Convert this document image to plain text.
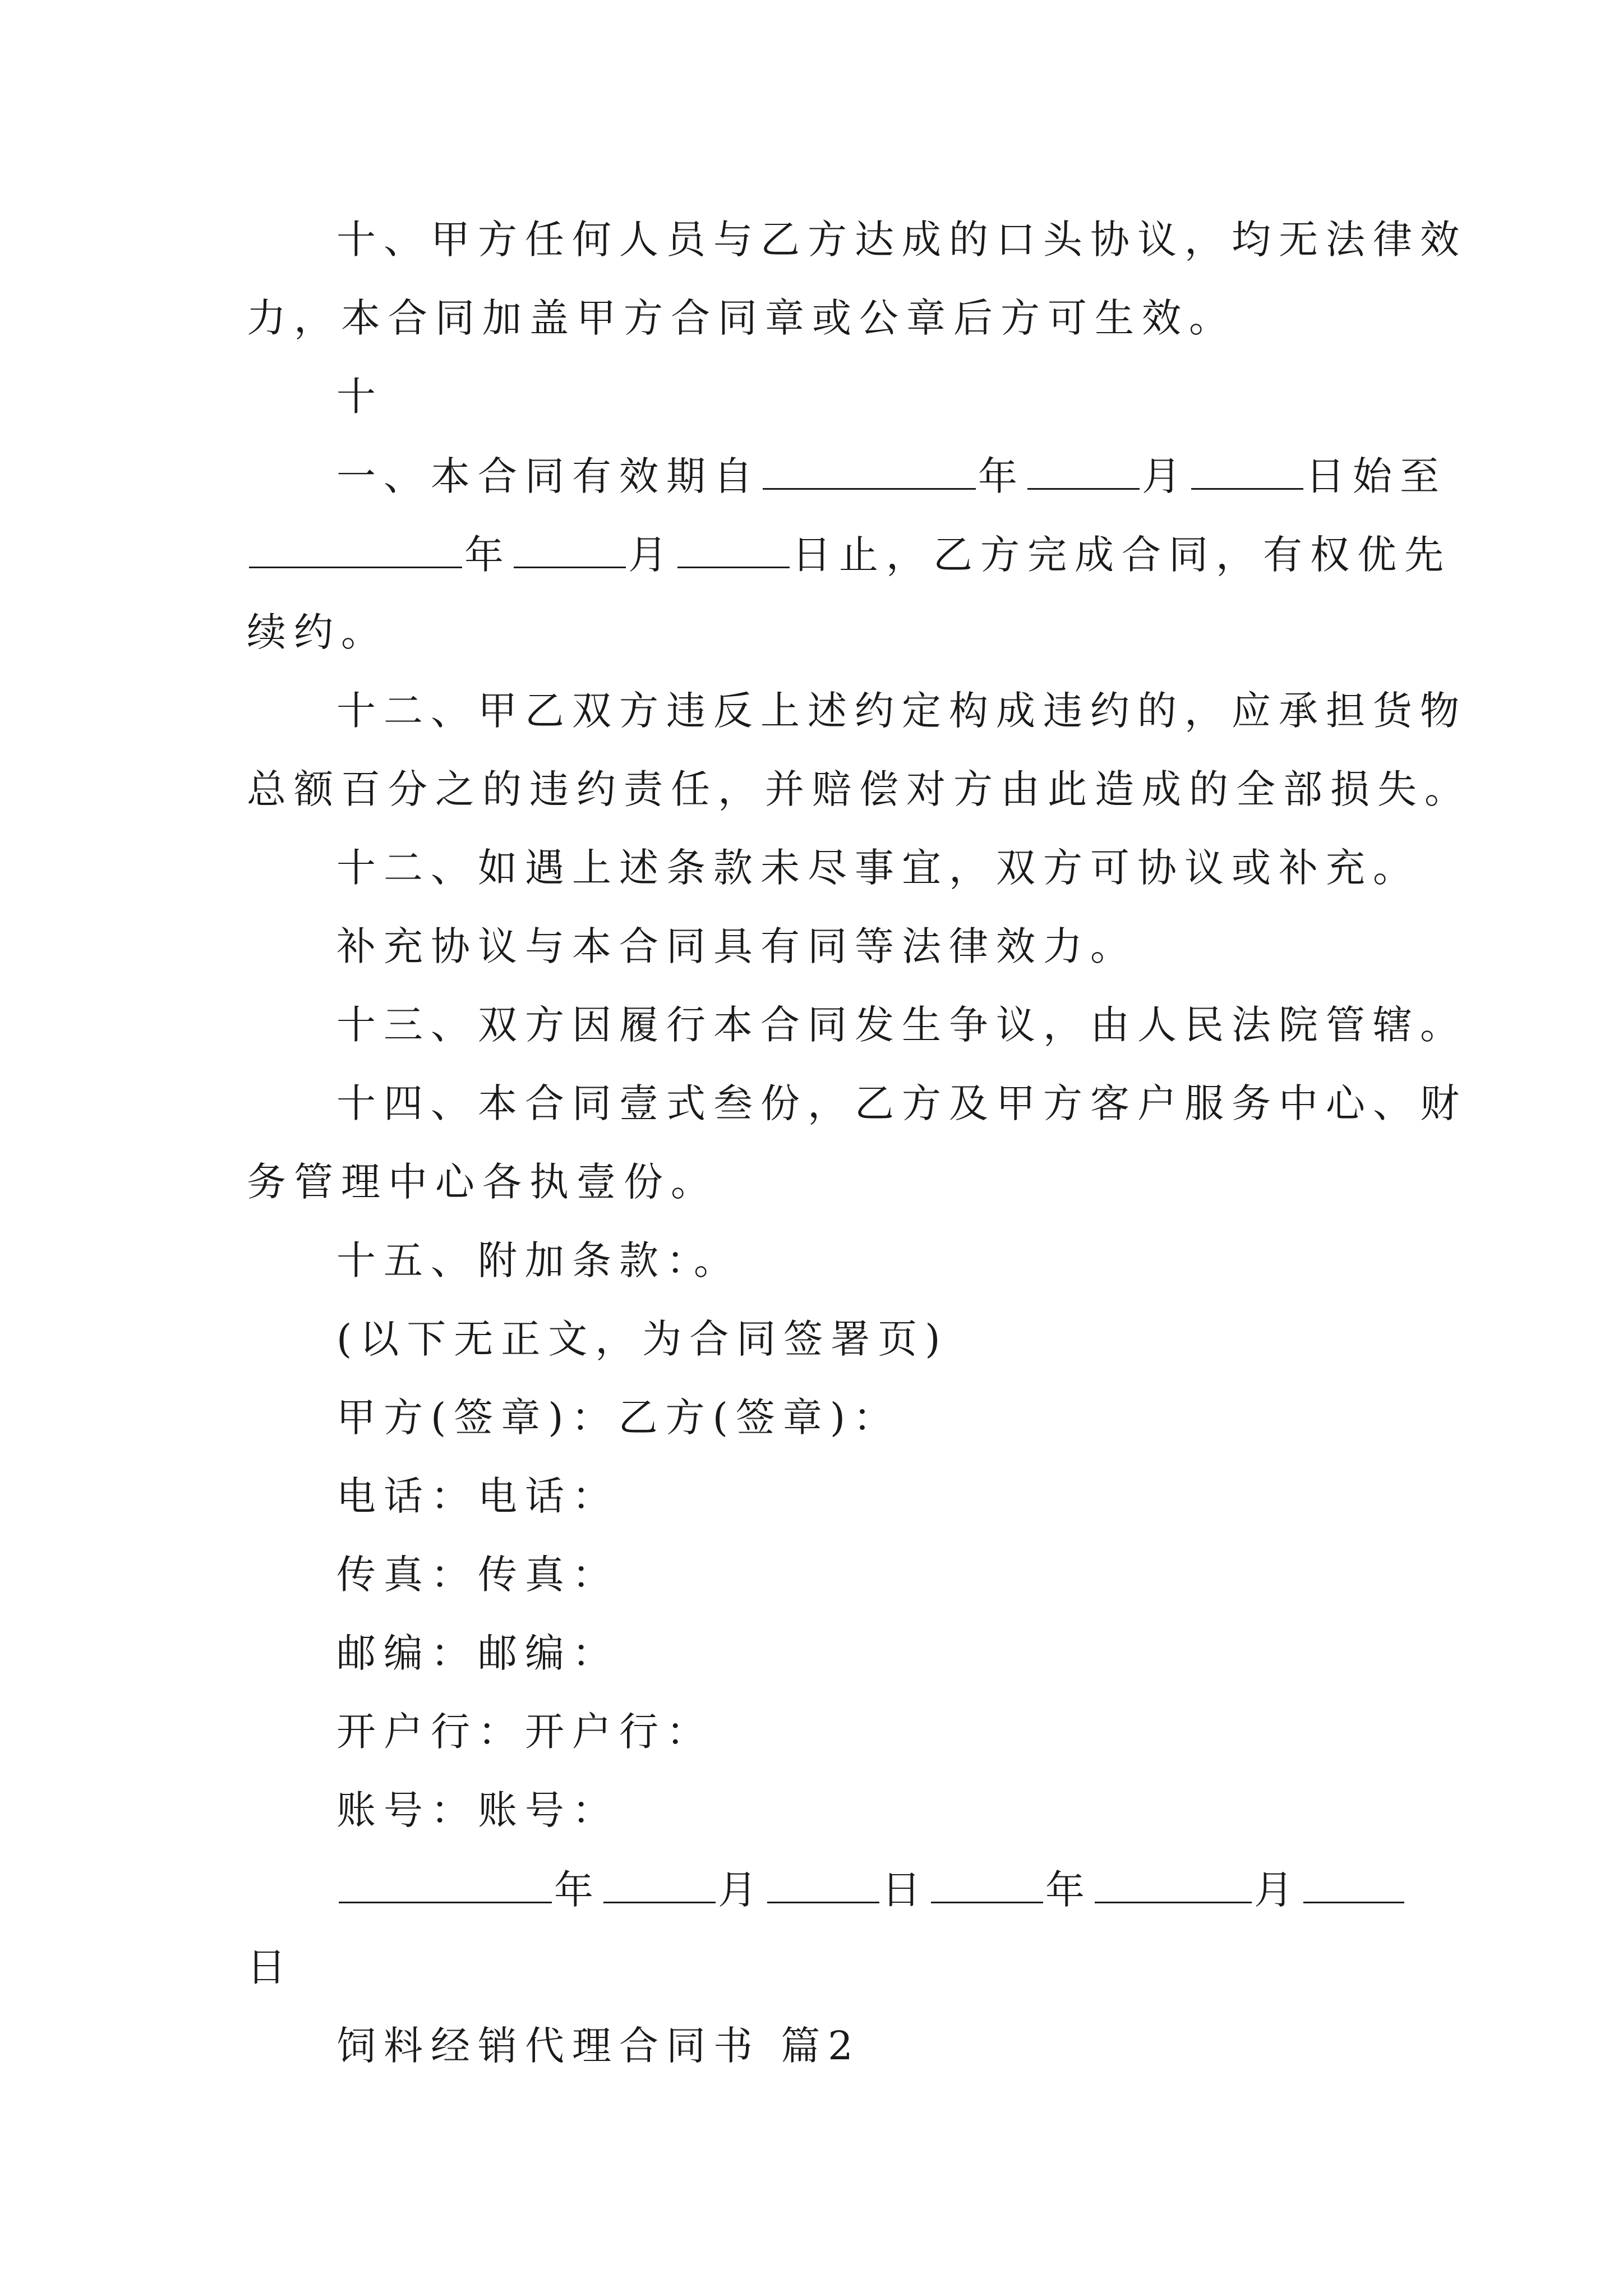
十、甲方任何人员与乙方达成的口头协议，均无法律效
力，本合同加盖甲方合同章或公章后方可生效。
十
一、本合同有效期自	年	月	日始至
年	月	日止，乙方完成合同，有权优先
续约。
十二、甲乙双方违反上述约定构成违约的，应承担货物
总额百分之的违约责任，并赔偿对方由此造成的全部损失。
十二、如遇上述条款未尽事宜，双方可协议或补充。
补充协议与本合同具有同等法律效力。
十三、双方因履行本合同发生争议，由人民法院管辖。
十四、本合同壹式叁份，乙方及甲方客户服务中心、财
务管理中心各执壹份。
十五、附加条款：。
(以下无正文，为合同签署页)
甲方(签章)：乙方(签章)：
电话：电话：
传真：传真：
邮编：邮编：
开户行：开户行：
账号：账号：
年	月	日	年	月
日
饲料经销代理合同书 篇2
